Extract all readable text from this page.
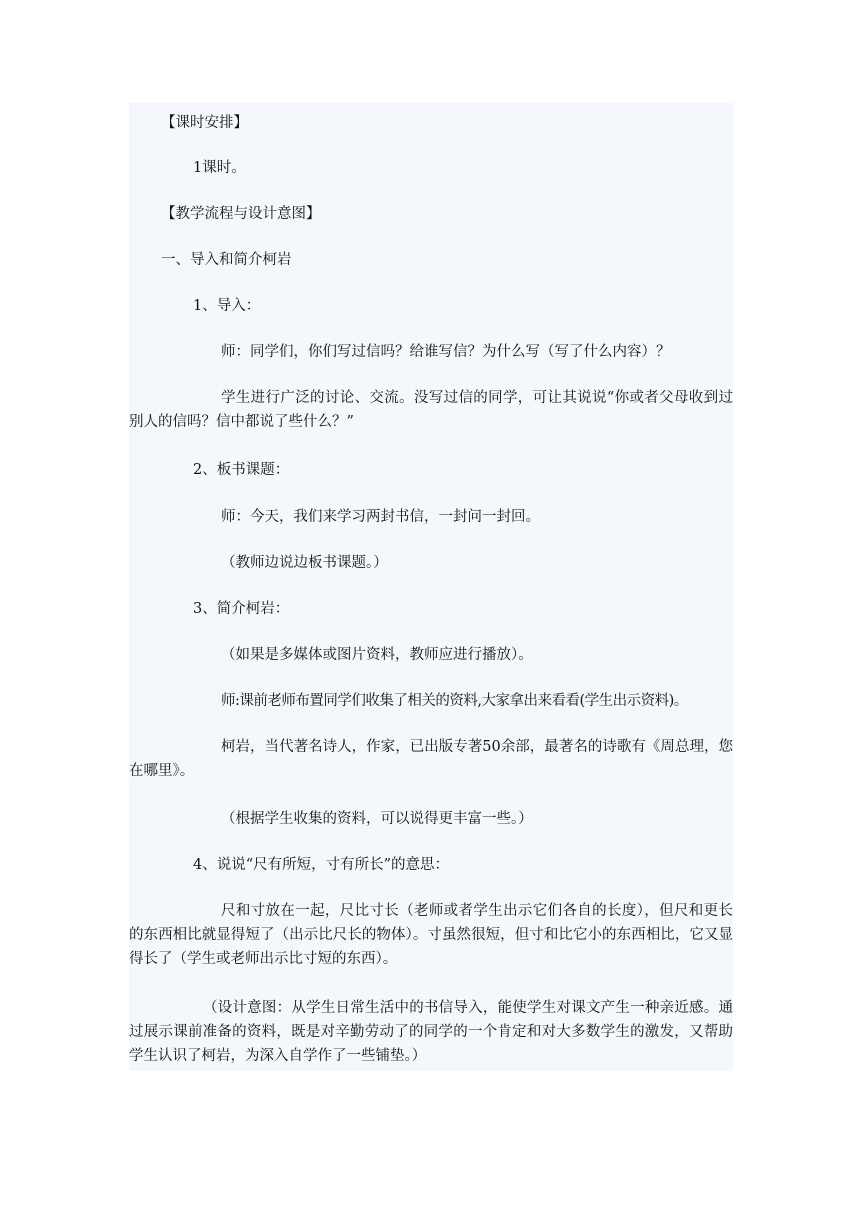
【课时安排】
1课时。
【教学流程与设计意图】
一、导入和简介柯岩
1、导入：
师：同学们，你们写过信吗？给谁写信？为什么写（写了什么内容）？
学生进行广泛的讨论、交流。没写过信的同学，可让其说说“你或者父母收到过别人的信吗？信中都说了些什么？”
2、板书课题：
师：今天，我们来学习两封书信，一封问一封回。
（教师边说边板书课题。）
3、简介柯岩：
（如果是多媒体或图片资料，教师应进行播放）。
师:课前老师布置同学们收集了相关的资料,大家拿出来看看(学生出示资料)。
柯岩，当代著名诗人，作家，已出版专著50余部，最著名的诗歌有《周总理，您在哪里》。
（根据学生收集的资料，可以说得更丰富一些。）
4、说说“尺有所短，寸有所长”的意思：
尺和寸放在一起，尺比寸长（老师或者学生出示它们各自的长度），但尺和更长的东西相比就显得短了（出示比尺长的物体）。寸虽然很短，但寸和比它小的东西相比，它又显得长了（学生或老师出示比寸短的东西）。
（设计意图：从学生日常生活中的书信导入，能使学生对课文产生一种亲近感。通过展示课前准备的资料，既是对辛勤劳动了的同学的一个肯定和对大多数学生的激发，又帮助学生认识了柯岩，为深入自学作了一些铺垫。）
